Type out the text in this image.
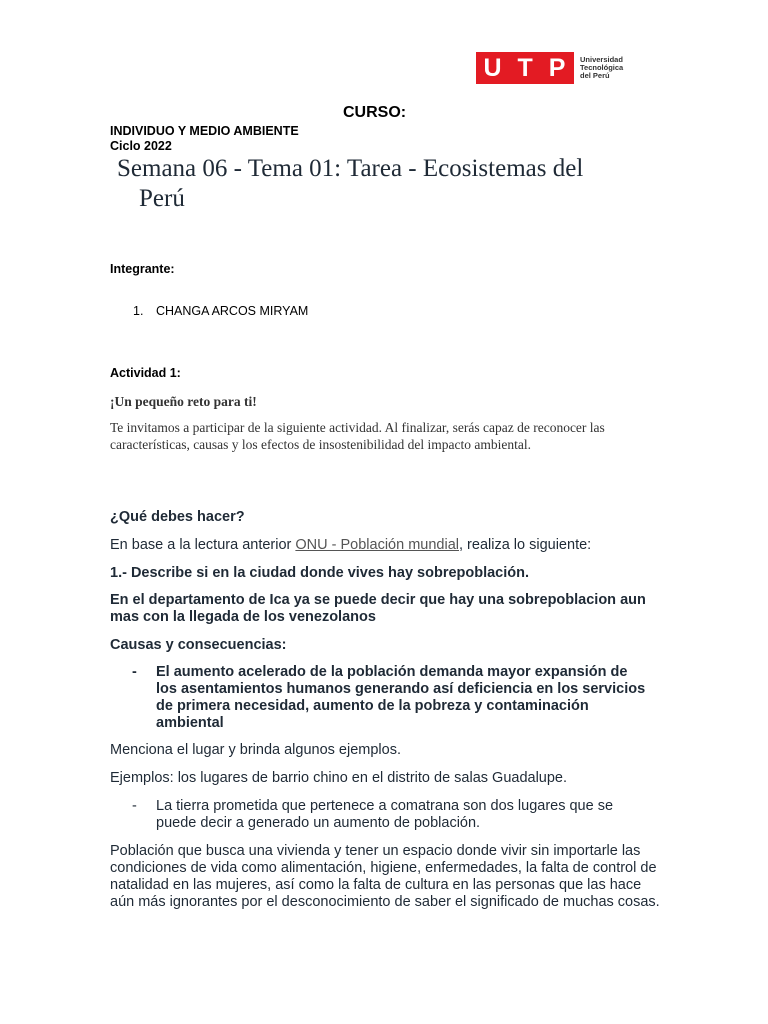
U T P Universidad
Tecnológica
del Perú
CURSO:
INDIVIDUO Y MEDIO AMBIENTE
Ciclo 2022
Semana 06 - Tema 01: Tarea - Ecosistemas del
Perú
Integrante:
1. CHANGA ARCOS MIRYAM
Actividad 1:
¡Un pequeño reto para ti!
Te invitamos a participar de la siguiente actividad. Al finalizar, serás capaz de reconocer las características, causas y los efectos de insostenibilidad del impacto ambiental.
¿Qué debes hacer?
En base a la lectura anterior ONU - Población mundial, realiza lo siguiente:
1.- Describe si en la ciudad donde vives hay sobrepoblación.
En el departamento de Ica ya se puede decir que hay una sobrepoblacion aun mas con la llegada de los venezolanos
Causas y consecuencias:
-	El aumento acelerado de la población demanda mayor expansión de los asentamientos humanos generando así deficiencia en los servicios de primera necesidad, aumento de la pobreza y contaminación ambiental
Menciona el lugar y brinda algunos ejemplos.
Ejemplos: los lugares de barrio chino en el distrito de salas Guadalupe.
-	La tierra prometida que pertenece a comatrana son dos lugares que se puede decir a generado un aumento de población.
Población que busca una vivienda y tener un espacio donde vivir sin importarle las condiciones de vida como alimentación, higiene, enfermedades, la falta de control de natalidad en las mujeres, así como la falta de cultura en las personas que las hace aún más ignorantes por el desconocimiento de saber el significado de muchas cosas.
